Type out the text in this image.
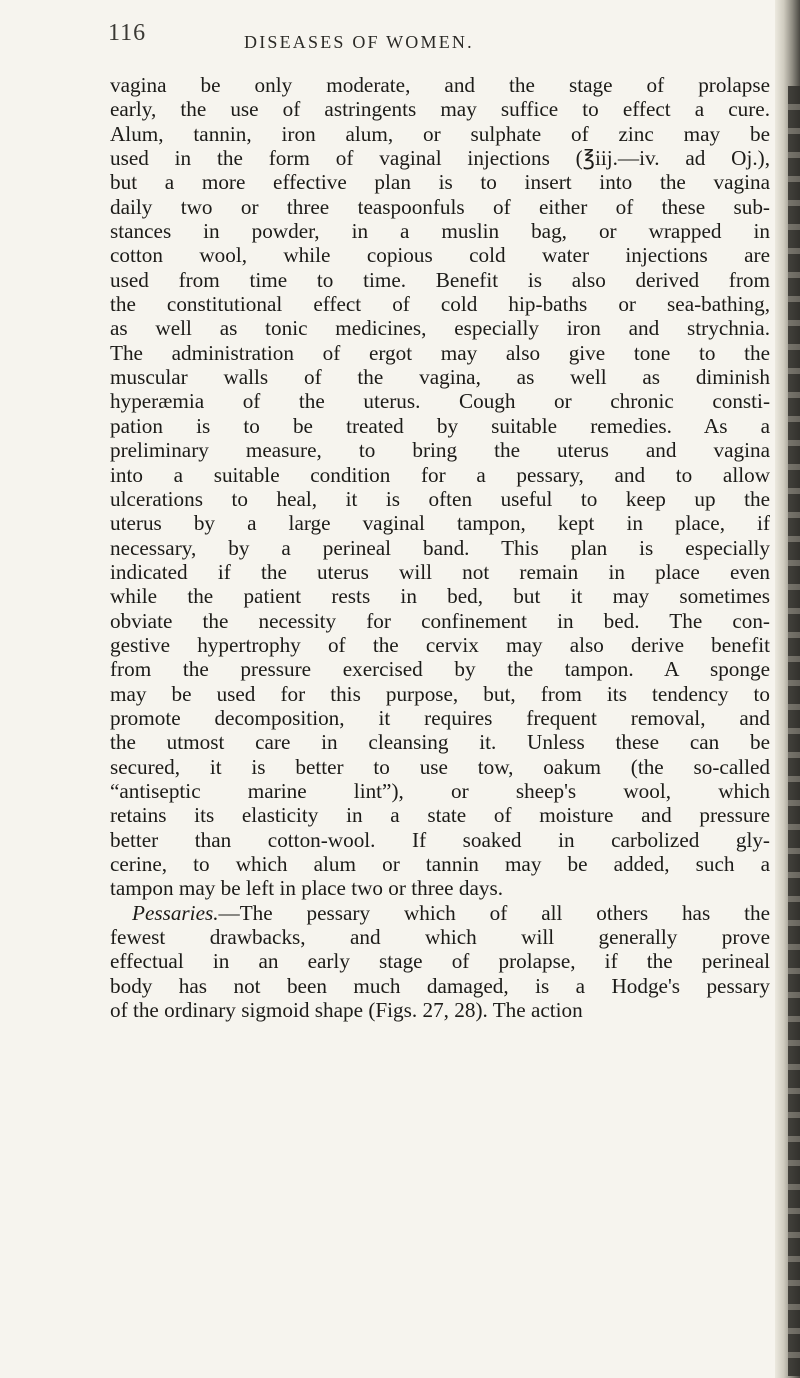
116	DISEASES OF WOMEN.
vagina be only moderate, and the stage of prolapse
early, the use of astringents may suffice to effect a cure.
Alum, tannin, iron alum, or sulphate of zinc may be
used in the form of vaginal injections (℥iij.—iv. ad Oj.),
but a more effective plan is to insert into the vagina
daily two or three teaspoonfuls of either of these sub-
stances in powder, in a muslin bag, or wrapped in
cotton wool, while copious cold water injections are
used from time to time. Benefit is also derived from
the constitutional effect of cold hip-baths or sea-bathing,
as well as tonic medicines, especially iron and strychnia.
The administration of ergot may also give tone to the
muscular walls of the vagina, as well as diminish
hyperæmia of the uterus. Cough or chronic consti-
pation is to be treated by suitable remedies. As a
preliminary measure, to bring the uterus and vagina
into a suitable condition for a pessary, and to allow
ulcerations to heal, it is often useful to keep up the
uterus by a large vaginal tampon, kept in place, if
necessary, by a perineal band. This plan is especially
indicated if the uterus will not remain in place even
while the patient rests in bed, but it may sometimes
obviate the necessity for confinement in bed. The con-
gestive hypertrophy of the cervix may also derive benefit
from the pressure exercised by the tampon. A sponge
may be used for this purpose, but, from its tendency to
promote decomposition, it requires frequent removal, and
the utmost care in cleansing it. Unless these can be
secured, it is better to use tow, oakum (the so-called
“antiseptic marine lint”), or sheep's wool, which
retains its elasticity in a state of moisture and pressure
better than cotton-wool. If soaked in carbolized gly-
cerine, to which alum or tannin may be added, such a
tampon may be left in place two or three days.
Pessaries.—The pessary which of all others has the
fewest drawbacks, and which will generally prove
effectual in an early stage of prolapse, if the perineal
body has not been much damaged, is a Hodge's pessary
of the ordinary sigmoid shape (Figs. 27, 28). The action
